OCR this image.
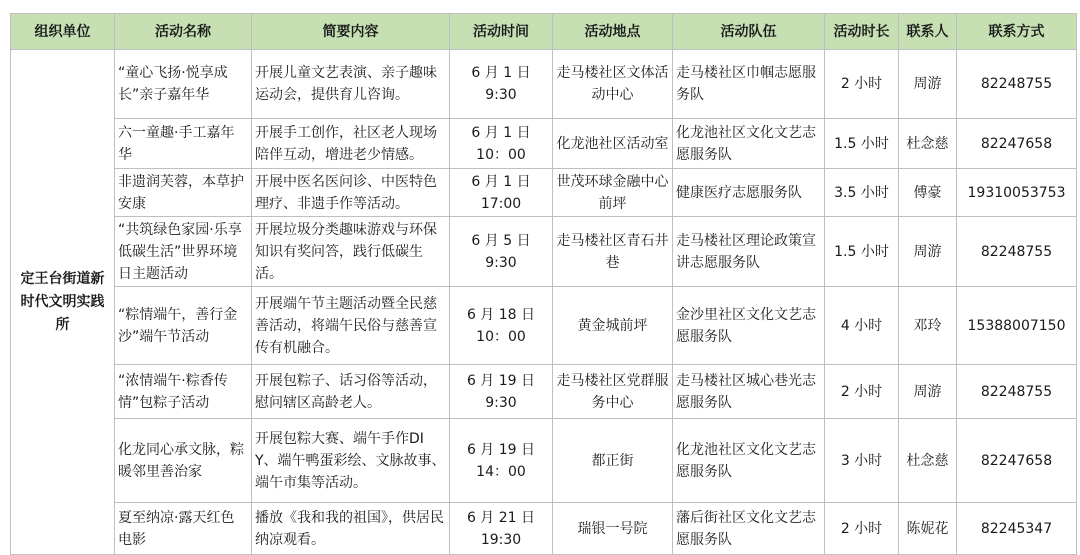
组织单位	活动名称	简要内容	活动时间	活动地点	活动队伍	活动时长	联系人	联系方式
定王台街道新时代文明实践所	“童心飞扬·悦享成长”亲子嘉年华	开展儿童文艺表演、亲子趣味运动会，提供育儿咨询。	6 月 1 日
9:30	走马楼社区文体活动中心	走马楼社区巾帼志愿服务队	2 小时	周游	82248755
	六一童趣·手工嘉年华	开展手工创作，社区老人现场陪伴互动，增进老少情感。	6 月 1 日
10：00	化龙池社区活动室	化龙池社区文化文艺志愿服务队	1.5 小时	杜念慈	82247658
	非遗润芙蓉，本草护安康	开展中医名医问诊、中医特色理疗、非遗手作等活动。	6 月 1 日
17:00	世茂环球金融中心前坪	健康医疗志愿服务队	3.5 小时	傅豪	19310053753
	“共筑绿色家园·乐享低碳生活”世界环境日主题活动	开展垃圾分类趣味游戏与环保知识有奖问答，践行低碳生活。	6 月 5 日
9:30	走马楼社区青石井巷	走马楼社区理论政策宣讲志愿服务队	1.5 小时	周游	82248755
	“粽情端午，善行金沙”端午节活动	开展端午节主题活动暨全民慈善活动，将端午民俗与慈善宣传有机融合。	6 月 18 日
10：00	黄金城前坪	金沙里社区文化文艺志愿服务队	4 小时	邓玲	15388007150
	“浓情端午·粽香传情”包粽子活动	开展包粽子、话习俗等活动，慰问辖区高龄老人。	6 月 19 日
9:30	走马楼社区党群服务中心	走马楼社区城心巷光志愿服务队	2 小时	周游	82248755
	化龙同心承文脉，粽暖邻里善治家	开展包粽大赛、端午手作DIY、端午鸭蛋彩绘、文脉故事、端午市集等活动。	6 月 19 日
14：00	都正街	化龙池社区文化文艺志愿服务队	3 小时	杜念慈	82247658
	夏至纳凉·露天红色电影	播放《我和我的祖国》，供居民纳凉观看。	6 月 21 日
19:30	瑞银一号院	藩后街社区文化文艺志愿服务队	2 小时	陈妮花	82245347
